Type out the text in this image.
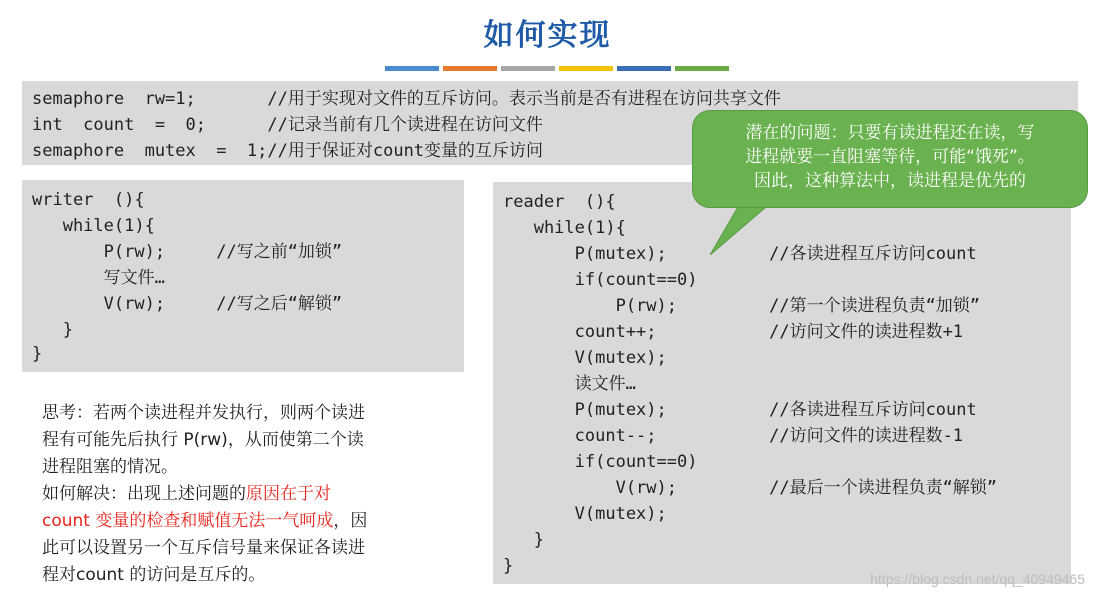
如何实现
semaphore  rw=1;       //用于实现对文件的互斥访问。表示当前是否有进程在访问共享文件
int  count  =  0;      //记录当前有几个读进程在访问文件
semaphore  mutex  =  1;//用于保证对count变量的互斥访问
writer  (){
while(1){
P(rw);     //写之前“加锁”
写文件…
V(rw);     //写之后“解锁”
}
}
reader  (){
while(1){
P(mutex);          //各读进程互斥访问count
if(count==0)
P(rw);         //第一个读进程负责“加锁”
count++;           //访问文件的读进程数+1
V(mutex);
读文件…
P(mutex);          //各读进程互斥访问count
count--;           //访问文件的读进程数-1
if(count==0)
V(rw);         //最后一个读进程负责“解锁”
V(mutex);
}
}
潜在的问题：只要有读进程还在读，写
进程就要一直阻塞等待，可能“饿死”。
因此，这种算法中，读进程是优先的
思考：若两个读进程并发执行，则两个读进
程有可能先后执行 P(rw)，从而使第二个读
进程阻塞的情况。
如何解决：出现上述问题的原因在于对
count 变量的检查和赋值无法一气呵成，因
此可以设置另一个互斥信号量来保证各读进
程对count 的访问是互斥的。	https://blog.csdn.net/qq_40949465
